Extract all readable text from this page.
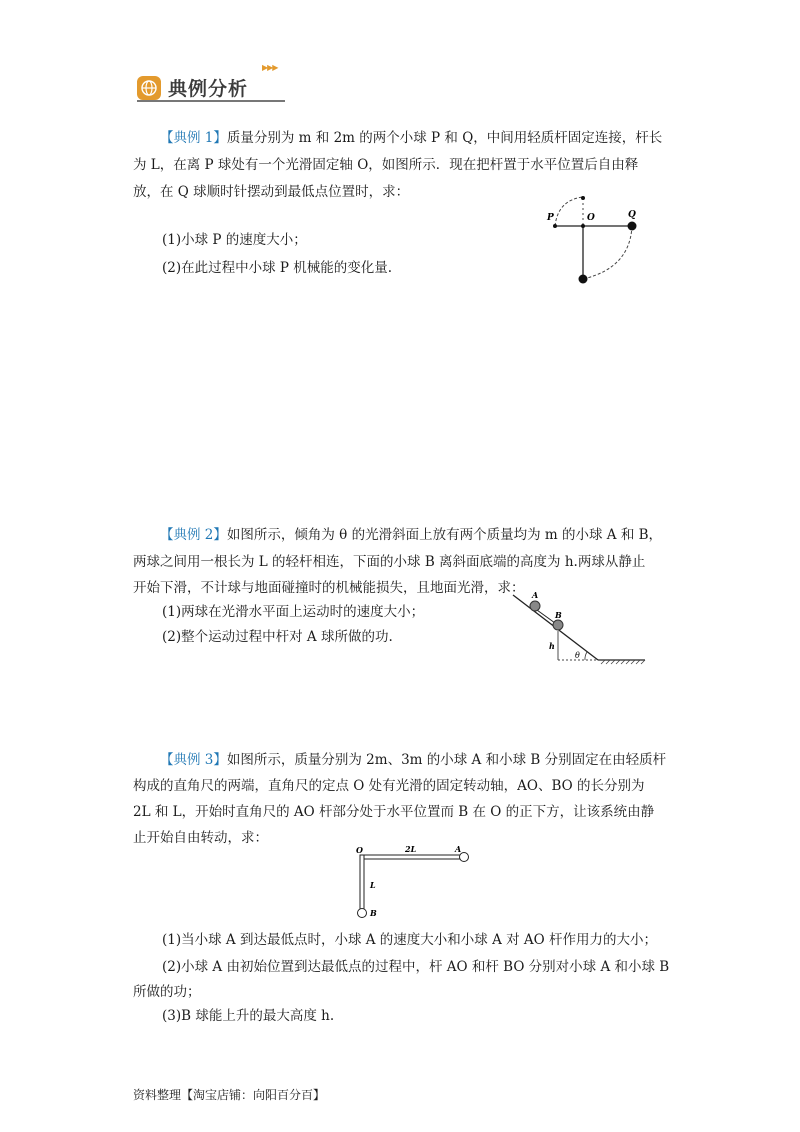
典例分析
▶▶▶
【典例 1】质量分别为 m 和 2m 的两个小球 P 和 Q，中间用轻质杆固定连接，杆长
为 L，在离 P 球处有一个光滑固定轴 O，如图所示．现在把杆置于水平位置后自由释
放，在 Q 球顺时针摆动到最低点位置时，求：
(1)小球 P 的速度大小；
(2)在此过程中小球 P 机械能的变化量.
P	O	Q
【典例 2】如图所示，倾角为 θ 的光滑斜面上放有两个质量均为 m 的小球 A 和 B，
两球之间用一根长为 L 的轻杆相连，下面的小球 B 离斜面底端的高度为 h.两球从静止
开始下滑，不计球与地面碰撞时的机械能损失，且地面光滑，求：
(1)两球在光滑水平面上运动时的速度大小；
(2)整个运动过程中杆对 A 球所做的功.
A
B
h
θ
【典例 3】如图所示，质量分别为 2m、3m 的小球 A 和小球 B 分别固定在由轻质杆
构成的直角尺的两端，直角尺的定点 O 处有光滑的固定转动轴，AO、BO 的长分别为
2L 和 L，开始时直角尺的 AO 杆部分处于水平位置而 B 在 O 的正下方，让该系统由静
止开始自由转动，求：
O	2L	A
L
B
(1)当小球 A 到达最低点时，小球 A 的速度大小和小球 A 对 AO 杆作用力的大小；
(2)小球 A 由初始位置到达最低点的过程中，杆 AO 和杆 BO 分别对小球 A 和小球 B
所做的功；
(3)B 球能上升的最大高度 h.
资料整理【淘宝店铺：向阳百分百】
